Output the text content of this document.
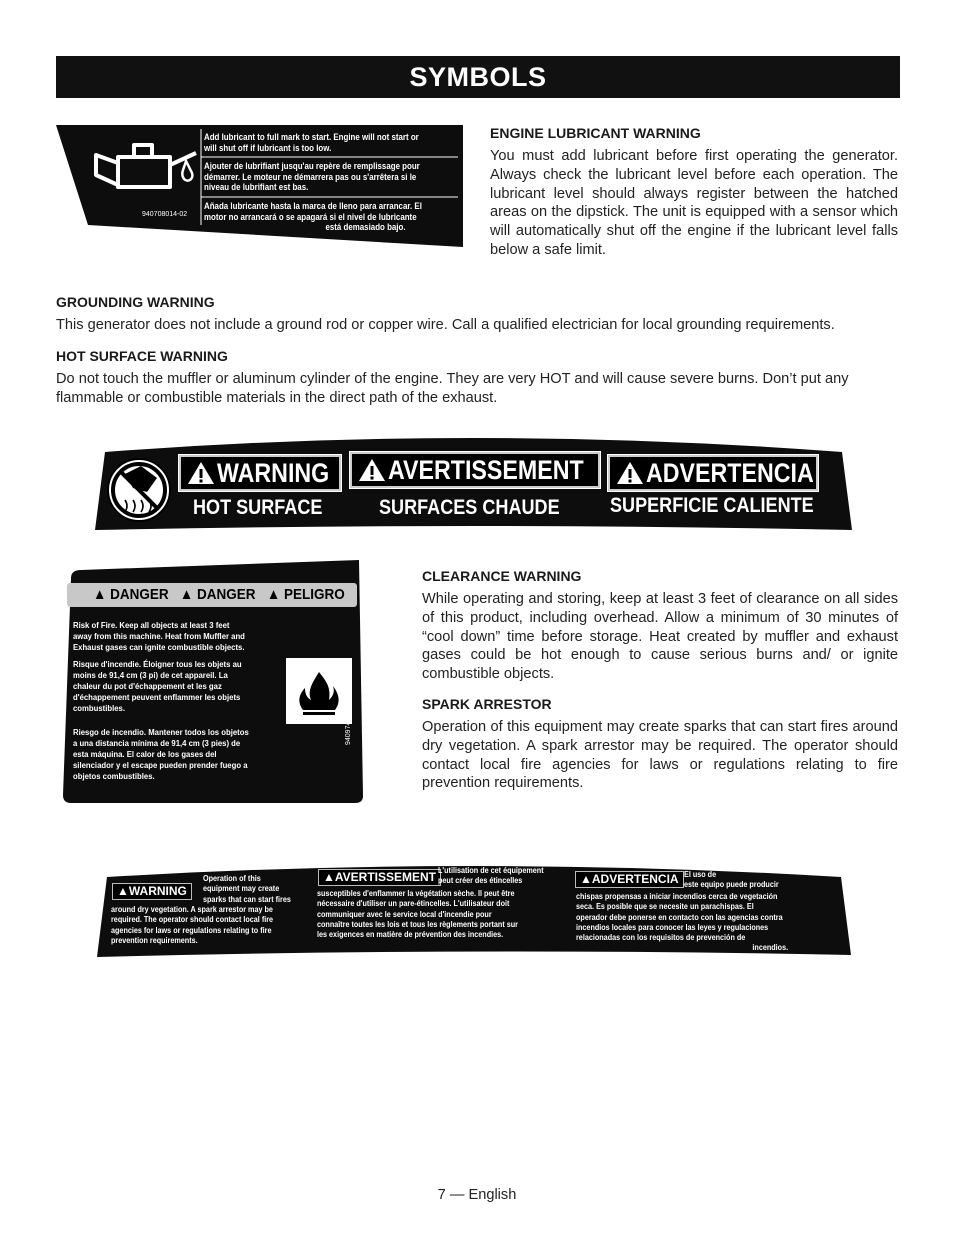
SYMBOLS
Add lubricant to full mark to start. Engine will not start or
will shut off if lubricant is too low.
Ajouter de lubrifiant jusqu'au repère de remplissage pour
démarrer. Le moteur ne démarrera pas ou s'arrêtera si le
niveau de lubrifiant est bas.
Añada lubricante hasta la marca de lleno para arrancar. El
motor no arrancará o se apagará si el nivel de lubricante
está demasiado bajo.
940708014-02
ENGINE LUBRICANT WARNING
You must add lubricant before first operating the generator. Always check the lubricant level before each operation. The lubricant level should always register between the hatched areas on the dipstick. The unit is equipped with a sensor which will automatically shut off the engine if the lubricant level falls below a safe limit.
GROUNDING WARNING
This generator does not include a ground rod or copper wire. Call a qualified electrician for local grounding requirements.
HOT SURFACE WARNING
Do not touch the muffler or aluminum cylinder of the engine. They are very HOT and will cause severe burns. Don’t put any flammable or combustible materials in the direct path of the exhaust.
WARNING AVERTISSEMENT ADVERTENCIA
HOT SURFACE	SURFACES CHAUDE SUPERFICIE CALIENTE
▲ DANGER ▲ DANGER ▲ PELIGRO
Risk of Fire. Keep all objects at least 3 feet
away from this machine. Heat from Muffler and
Exhaust gases can ignite combustible objects.
Risque d'incendie. Éloigner tous les objets au
moins de 91,4 cm (3 pi) de cet appareil. La
chaleur du pot d'échappement et les gaz
d'échappement peuvent enflammer les objets
combustibles.
Riesgo de incendio. Mantener todos los objetos
a una distancia mínima de 91,4 cm (3 pies) de
esta máquina. El calor de los gases del
silenciador y el escape pueden prender fuego a
objetos combustibles.
940974017-01
CLEARANCE WARNING
While operating and storing, keep at least 3 feet of clearance on all sides of this product, including overhead. Allow a minimum of 30 minutes of “cool down” time before storage. Heat created by muffler and exhaust gases could be hot enough to cause serious burns and/ or ignite combustible objects.
SPARK ARRESTOR
Operation of this equipment may create sparks that can start fires around dry vegetation. A spark arrestor may be required. The operator should contact local fire agencies for laws or regulations relating to fire prevention requirements.
▲WARNING
Operation of this
equipment may create
sparks that can start fires
around dry vegetation. A spark arrestor may be
required. The operator should contact local fire
agencies for laws or regulations relating to fire
prevention requirements.
▲AVERTISSEMENT L'utilisation de cet équipement
peut créer des étincelles
susceptibles d'enflammer la végétation sèche. Il peut être
nécessaire d'utiliser un pare-étincelles. L'utilisateur doit
communiquer avec le service local d'incendie pour
connaître toutes les lois et tous les règlements portant sur
les exigences en matière de prévention des incendies.
▲ADVERTENCIA El uso de
este equipo puede producir
chispas propensas a iniciar incendios cerca de vegetación
seca. Es posible que se necesite un parachispas. El
operador debe ponerse en contacto con las agencias contra
incendios locales para conocer las leyes y regulaciones
relacionadas con los requisitos de prevención de
incendios.
7 — English
